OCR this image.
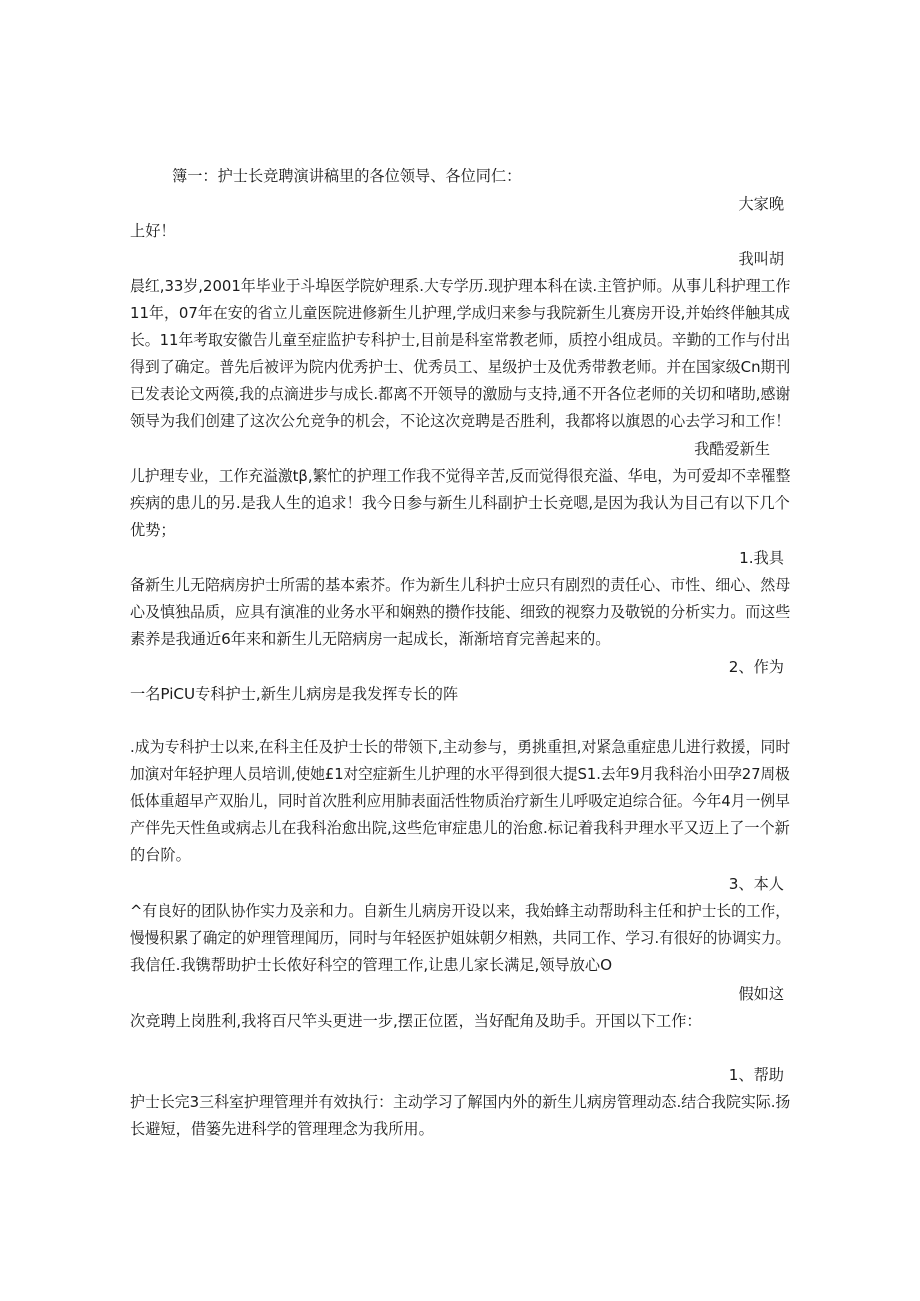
簿一：护士长竞聘演讲稿里的各位领导、各位同仁：
大家晚
上好！
我叫胡
晨红,33岁,2001年毕业于斗埠医学院妒理系.大专学历.现护理本科在读.主管护师。从事儿科护理工作
11年，07年在安的省立儿童医院进修新生儿护理,学成归来参与我院新生儿赛房开设,并始终伴触其成
长。11年考取安徽告儿童至症监护专科护士,目前是科室常教老师，质控小组成员。辛勤的工作与付出
得到了确定。普先后被评为院内优秀护士、优秀员工、星级护士及优秀带教老师。并在国家级Cn期刊
已发表论文两篌,我的点滴进步与成长.都离不开领导的激励与支持,通不开各位老师的关切和啫助,感谢
领导为我们创建了这次公允竞争的机会，不论这次竞聘是否胜利，我都将以旗恩的心去学习和工作！
我酷爱新生
儿护理专业，工作充溢激tβ,繁忙的护理工作我不觉得辛苦,反而觉得很充溢、华电，为可爱却不幸罹整
疾病的患儿的另.是我人生的追求！我今日参与新生儿科副护士长竞嗯,是因为我认为目己有以下几个
优势；
1.我具
备新生儿无陪病房护士所需的基本索芥。作为新生儿科护士应只有剧烈的责任心、市性、细心、然母
心及慎独品质，应具有演准的业务水平和娴熟的攒作技能、细致的视察力及敬锐的分析实力。而这些
素养是我通近6年来和新生儿无陪病房一起成长，渐渐培育完善起来的。
2、作为
一名PiCU专科护士,新生儿病房是我发挥专长的阵
.成为专科护士以来,在科主任及护士长的带领下,主动参与，勇挑重担,对紧急重症患儿进行救援，同时
加演对年轻护理人员培训,使她£1对空症新生儿护理的水平得到很大提S1.去年9月我科治小田孕27周极
低体重超早产双胎儿，同时首次胜利应用肺表面活性物质治疗新生儿呼吸定迫综合征。今年4月一例早
产伴先天性鱼或病忐儿在我科治愈出院,这些危审症患儿的治愈.标记着我科尹理水平又迈上了一个新
的台阶。
3、本人
^有良好的团队协作实力及亲和力。自新生儿病房开设以来，我始蜂主动帮助科主任和护士长的工作，
慢慢积累了确定的妒理管理闻历，同时与年轻医护姐妹朝夕相熟，共同工作、学习.有很好的协调实力。
我信任.我镌帮助护士长侬好科空的管理工作,让患儿家长满足,领导放心O
假如这
次竞聘上岗胜利,我将百尺竿头更进一步,摆正位匿，当好配角及助手。开国以下工作：
1、帮助
护士长完3三科室护理管理并有效执行：主动学习了解国内外的新生儿病房管理动态.结合我院实际.扬
长避短，借篓先进科学的管理理念为我所用。
